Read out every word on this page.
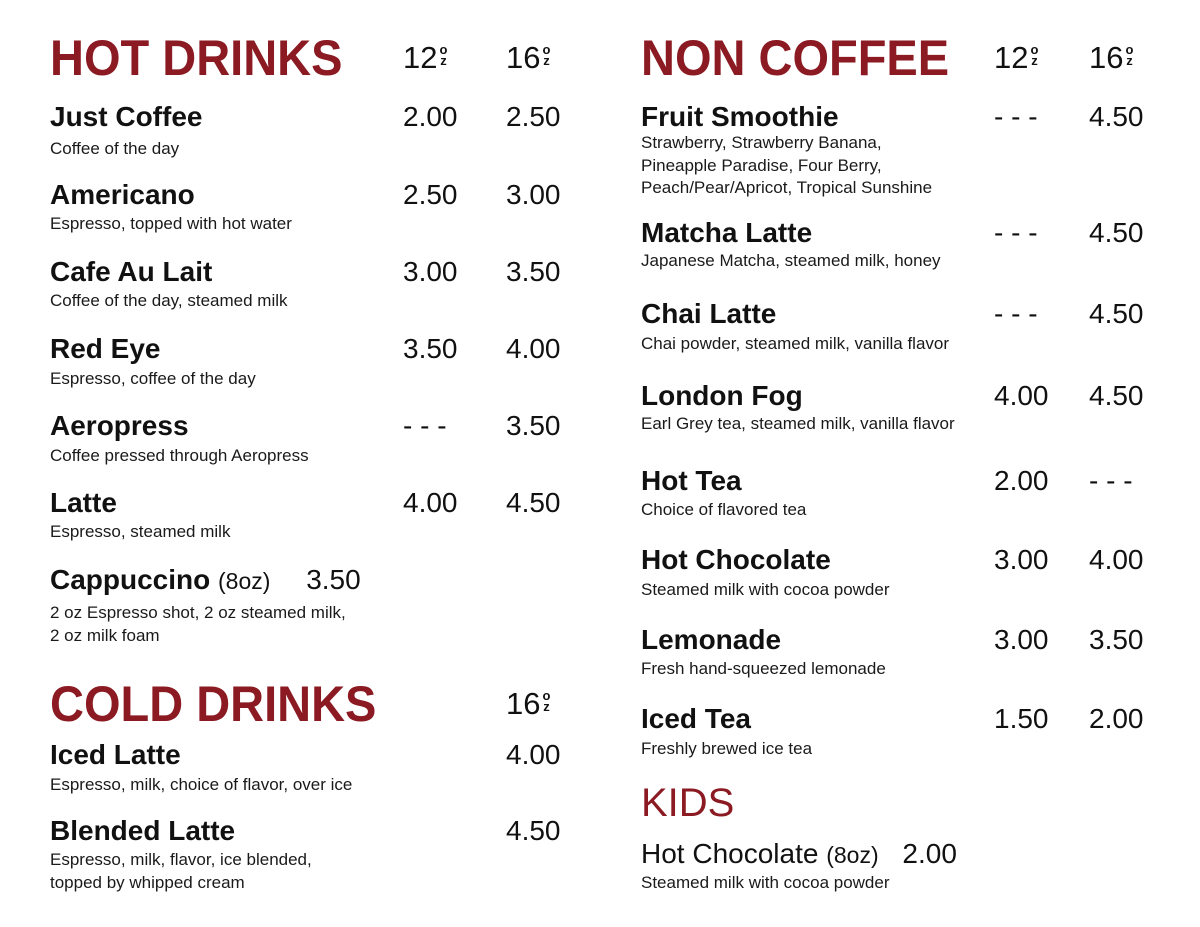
HOT DRINKS 12 o
z 16 o
z
Just Coffee
Coffee of the day
2.00 2.50
Americano
Espresso, topped with hot water
2.50 3.00
Cafe Au Lait
Coffee of the day, steamed milk
3.00 3.50
Red Eye
Espresso, coffee of the day
3.50 4.00
Aeropress
Coffee pressed through Aeropress
- - - 3.50
Latte
Espresso, steamed milk
4.00 4.50
Cappuccino (8oz) 3.50
2 oz Espresso shot, 2 oz steamed milk,
2 oz milk foam
COLD DRINKS	16 o
z
Iced Latte
Espresso, milk, choice of flavor, over ice
4.00
Blended Latte
Espresso, milk, flavor, ice blended,
topped by whipped cream
4.50
NON COFFEE 12 o
z 16 o
z
Fruit Smoothie
Strawberry, Strawberry Banana,
Pineapple Paradise, Four Berry,
Peach/Pear/Apricot, Tropical Sunshine
- - - 4.50
Matcha Latte
Japanese Matcha, steamed milk, honey
- - - 4.50
Chai Latte
Chai powder, steamed milk, vanilla flavor
- - - 4.50
London Fog
Earl Grey tea, steamed milk, vanilla flavor
4.00 4.50
Hot Tea
Choice of flavored tea
2.00 - - -
Hot Chocolate
Steamed milk with cocoa powder
3.00 4.00
Lemonade
Fresh hand-squeezed lemonade
3.00 3.50
Iced Tea
Freshly brewed ice tea
1.50 2.00
KIDS
Hot Chocolate (8oz) 2.00
Steamed milk with cocoa powder
